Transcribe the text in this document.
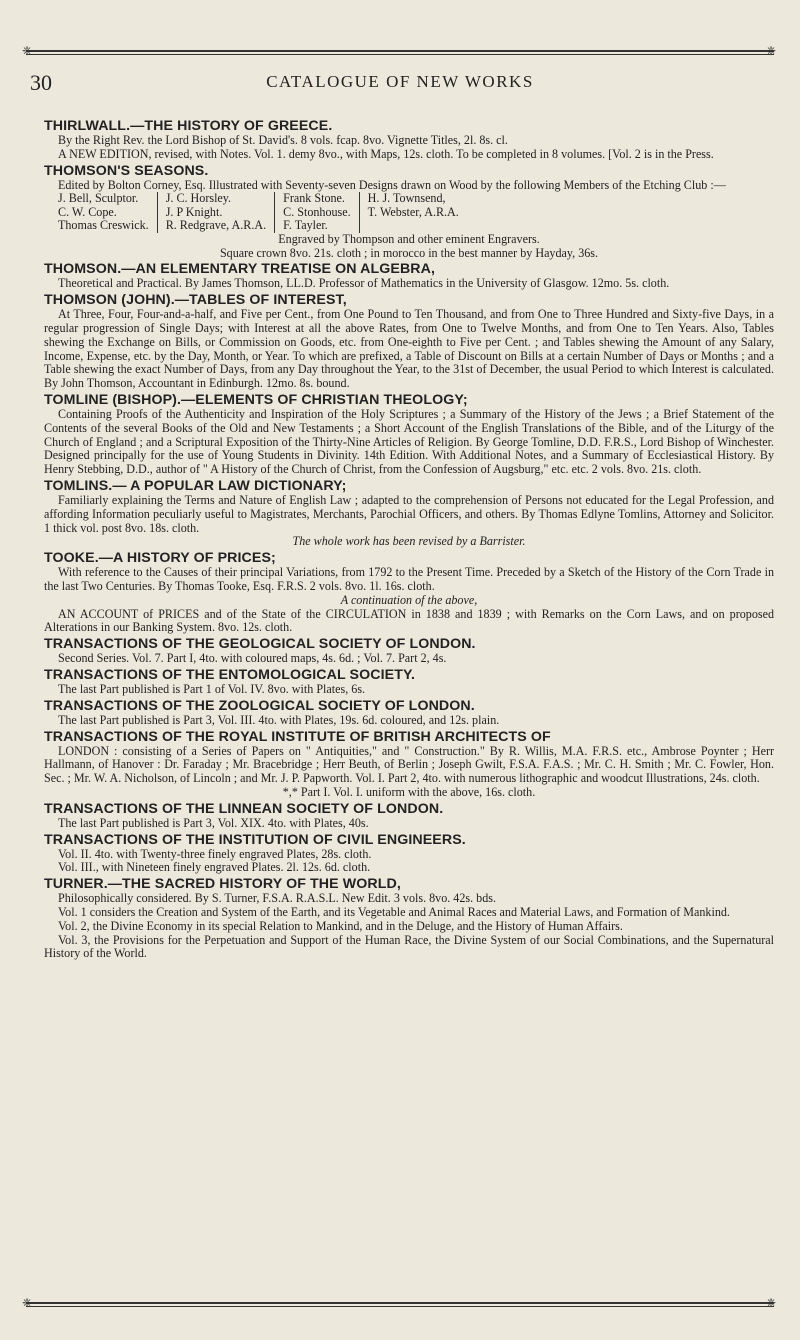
❈	❈
30	CATALOGUE OF NEW WORKS
THIRLWALL.—THE HISTORY OF GREECE.

By the Right Rev. the Lord Bishop of St. David's. 8 vols. fcap. 8vo. Vignette Titles, 2l. 8s. cl.

A NEW EDITION, revised, with Notes. Vol. 1. demy 8vo., with Maps, 12s. cloth. To be completed in 8 volumes. [Vol. 2 is in the Press.

THOMSON'S SEASONS.

Edited by Bolton Corney, Esq. Illustrated with Seventy-seven Designs drawn on Wood by the following Members of the Etching Club :—

J. Bell, Sculptor.	J. C. Horsley.	Frank Stone.	H. J. Townsend,
C. W. Cope.	J. P Knight.	C. Stonhouse.	T. Webster, A.R.A.
Thomas Creswick.	R. Redgrave, A.R.A.	F. Tayler.	

Engraved by Thompson and other eminent Engravers.

Square crown 8vo. 21s. cloth ; in morocco in the best manner by Hayday, 36s.

THOMSON.—AN ELEMENTARY TREATISE ON ALGEBRA,

Theoretical and Practical. By James Thomson, LL.D. Professor of Mathematics in the University of Glasgow. 12mo. 5s. cloth.

THOMSON (JOHN).—TABLES OF INTEREST,

At Three, Four, Four-and-a-half, and Five per Cent., from One Pound to Ten Thousand, and from One to Three Hundred and Sixty-five Days, in a regular progression of Single Days; with Interest at all the above Rates, from One to Twelve Months, and from One to Ten Years. Also, Tables shewing the Exchange on Bills, or Commission on Goods, etc. from One-eighth to Five per Cent. ; and Tables shewing the Amount of any Salary, Income, Expense, etc. by the Day, Month, or Year. To which are prefixed, a Table of Discount on Bills at a certain Number of Days or Months ; and a Table shewing the exact Number of Days, from any Day throughout the Year, to the 31st of December, the usual Period to which Interest is calculated. By John Thomson, Accountant in Edinburgh. 12mo. 8s. bound.

TOMLINE (BISHOP).—ELEMENTS OF CHRISTIAN THEOLOGY;

Containing Proofs of the Authenticity and Inspiration of the Holy Scriptures ; a Summary of the History of the Jews ; a Brief Statement of the Contents of the several Books of the Old and New Testaments ; a Short Account of the English Translations of the Bible, and of the Liturgy of the Church of England ; and a Scriptural Exposition of the Thirty-Nine Articles of Religion. By George Tomline, D.D. F.R.S., Lord Bishop of Winchester. Designed principally for the use of Young Students in Divinity. 14th Edition. With Additional Notes, and a Summary of Ecclesiastical History. By Henry Stebbing, D.D., author of " A History of the Church of Christ, from the Confession of Augsburg," etc. etc. 2 vols. 8vo. 21s. cloth.

TOMLINS.— A POPULAR LAW DICTIONARY;

Familiarly explaining the Terms and Nature of English Law ; adapted to the comprehension of Persons not educated for the Legal Profession, and affording Information peculiarly useful to Magistrates, Merchants, Parochial Officers, and others. By Thomas Edlyne Tomlins, Attorney and Solicitor. 1 thick vol. post 8vo. 18s. cloth.

The whole work has been revised by a Barrister.

TOOKE.—A HISTORY OF PRICES;

With reference to the Causes of their principal Variations, from 1792 to the Present Time. Preceded by a Sketch of the History of the Corn Trade in the last Two Centuries. By Thomas Tooke, Esq. F.R.S. 2 vols. 8vo. 1l. 16s. cloth.

A continuation of the above,

AN ACCOUNT of PRICES and of the State of the CIRCULATION in 1838 and 1839 ; with Remarks on the Corn Laws, and on proposed Alterations in our Banking System. 8vo. 12s. cloth.

TRANSACTIONS OF THE GEOLOGICAL SOCIETY OF LONDON.

Second Series. Vol. 7. Part I, 4to. with coloured maps, 4s. 6d. ; Vol. 7. Part 2, 4s.

TRANSACTIONS OF THE ENTOMOLOGICAL SOCIETY.

The last Part published is Part 1 of Vol. IV. 8vo. with Plates, 6s.

TRANSACTIONS OF THE ZOOLOGICAL SOCIETY OF LONDON.

The last Part published is Part 3, Vol. III. 4to. with Plates, 19s. 6d. coloured, and 12s. plain.

TRANSACTIONS OF THE ROYAL INSTITUTE OF BRITISH ARCHITECTS OF

LONDON : consisting of a Series of Papers on " Antiquities," and " Construction." By R. Willis, M.A. F.R.S. etc., Ambrose Poynter ; Herr Hallmann, of Hanover : Dr. Faraday ; Mr. Bracebridge ; Herr Beuth, of Berlin ; Joseph Gwilt, F.S.A. F.A.S. ; Mr. C. H. Smith ; Mr. C. Fowler, Hon. Sec. ; Mr. W. A. Nicholson, of Lincoln ; and Mr. J. P. Papworth. Vol. I. Part 2, 4to. with numerous lithographic and woodcut Illustrations, 24s. cloth.

*,* Part I. Vol. I. uniform with the above, 16s. cloth.

TRANSACTIONS OF THE LINNEAN SOCIETY OF LONDON.

The last Part published is Part 3, Vol. XIX. 4to. with Plates, 40s.

TRANSACTIONS OF THE INSTITUTION OF CIVIL ENGINEERS.

Vol. II. 4to. with Twenty-three finely engraved Plates, 28s. cloth.

Vol. III., with Nineteen finely engraved Plates. 2l. 12s. 6d. cloth.

TURNER.—THE SACRED HISTORY OF THE WORLD,

Philosophically considered. By S. Turner, F.S.A. R.A.S.L. New Edit. 3 vols. 8vo. 42s. bds.

Vol. 1 considers the Creation and System of the Earth, and its Vegetable and Animal Races and Material Laws, and Formation of Mankind.

Vol. 2, the Divine Economy in its special Relation to Mankind, and in the Deluge, and the History of Human Affairs.

Vol. 3, the Provisions for the Perpetuation and Support of the Human Race, the Divine System of our Social Combinations, and the Supernatural History of the World.

❈	❈
